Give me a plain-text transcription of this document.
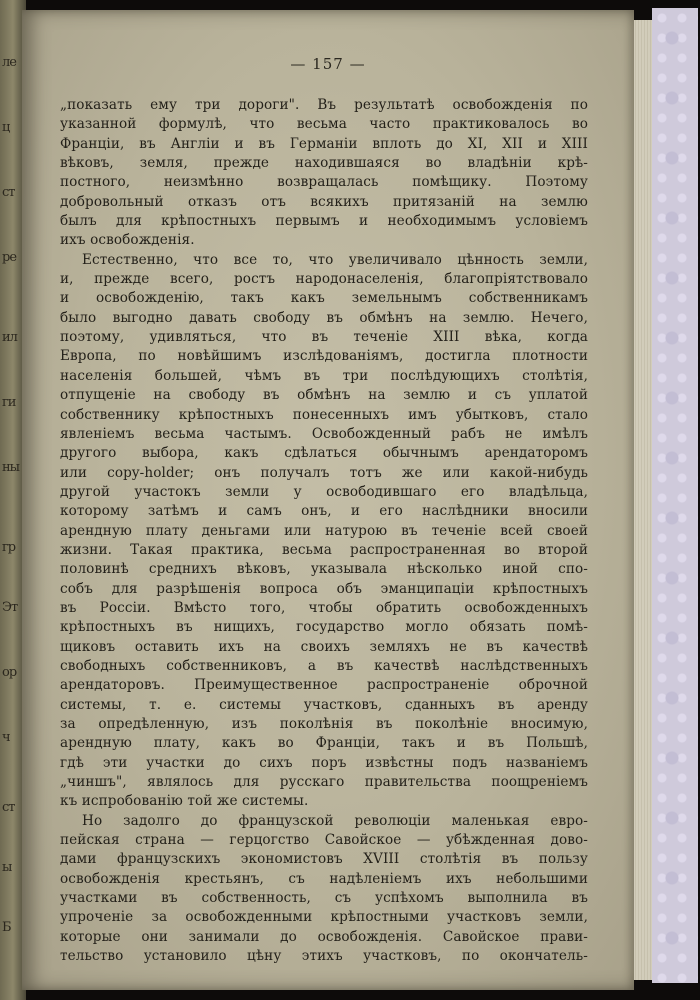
ле
ц
ст
ре
ил
ги
ны
гр
Эт
ор
ч
ст
ы
Б
— 157 —
„показать ему три дороги". Въ результатѣ освобожденія по
указанной формулѣ, что весьма часто практиковалось во
Франціи, въ Англіи и въ Германіи вплоть до XI, XII и XIII
вѣковъ, земля, прежде находившаяся во владѣніи крѣ-
постного, неизмѣнно возвращалась помѣщику. Поэтому
добровольный отказъ отъ всякихъ притязаній на землю
былъ для крѣпостныхъ первымъ и необходимымъ условіемъ
ихъ освобожденія.
Естественно, что все то, что увеличивало цѣнность земли,
и, прежде всего, ростъ народонаселенія, благопріятствовало
и освобожденію, такъ какъ земельнымъ собственникамъ
было выгодно давать свободу въ обмѣнъ на землю. Нечего,
поэтому, удивляться, что въ теченіе XIII вѣка, когда
Европа, по новѣйшимъ изслѣдованіямъ, достигла плотности
населенія большей, чѣмъ въ три послѣдующихъ столѣтія,
отпущеніе на свободу въ обмѣнъ на землю и съ уплатой
собственнику крѣпостныхъ понесенныхъ имъ убытковъ, стало
явленіемъ весьма частымъ. Освобожденный рабъ не имѣлъ
другого выбора, какъ сдѣлаться обычнымъ арендаторомъ
или copy-holder; онъ получалъ тотъ же или какой-нибудь
другой участокъ земли у освободившаго его владѣльца,
которому затѣмъ и самъ онъ, и его наслѣдники вносили
арендную плату деньгами или натурою въ теченіе всей своей
жизни. Такая практика, весьма распространенная во второй
половинѣ среднихъ вѣковъ, указывала нѣсколько иной спо-
собъ для разрѣшенія вопроса объ эманципаціи крѣпостныхъ
въ Россіи. Вмѣсто того, чтобы обратить освобожденныхъ
крѣпостныхъ въ нищихъ, государство могло обязать помѣ-
щиковъ оставить ихъ на своихъ земляхъ не въ качествѣ
свободныхъ собственниковъ, а въ качествѣ наслѣдственныхъ
арендаторовъ. Преимущественное распространеніе оброчной
системы, т. е. системы участковъ, сданныхъ въ аренду
за опредѣленную, изъ поколѣнія въ поколѣніе вносимую,
арендную плату, какъ во Франціи, такъ и въ Польшѣ,
гдѣ эти участки до сихъ поръ извѣстны подъ названіемъ
„чиншъ", являлось для русскаго правительства поощреніемъ
къ испробованію той же системы.
Но задолго до французской революціи маленькая евро-
пейская страна — герцогство Савойское — убѣжденная дово-
дами французскихъ экономистовъ XVIII столѣтія въ пользу
освобожденія крестьянъ, съ надѣленіемъ ихъ небольшими
участками въ собственность, съ успѣхомъ выполнила въ
упроченіе за освобожденными крѣпостными участковъ земли,
которые они занимали до освобожденія. Савойское прави-
тельство установило цѣну этихъ участковъ, по окончатель-
